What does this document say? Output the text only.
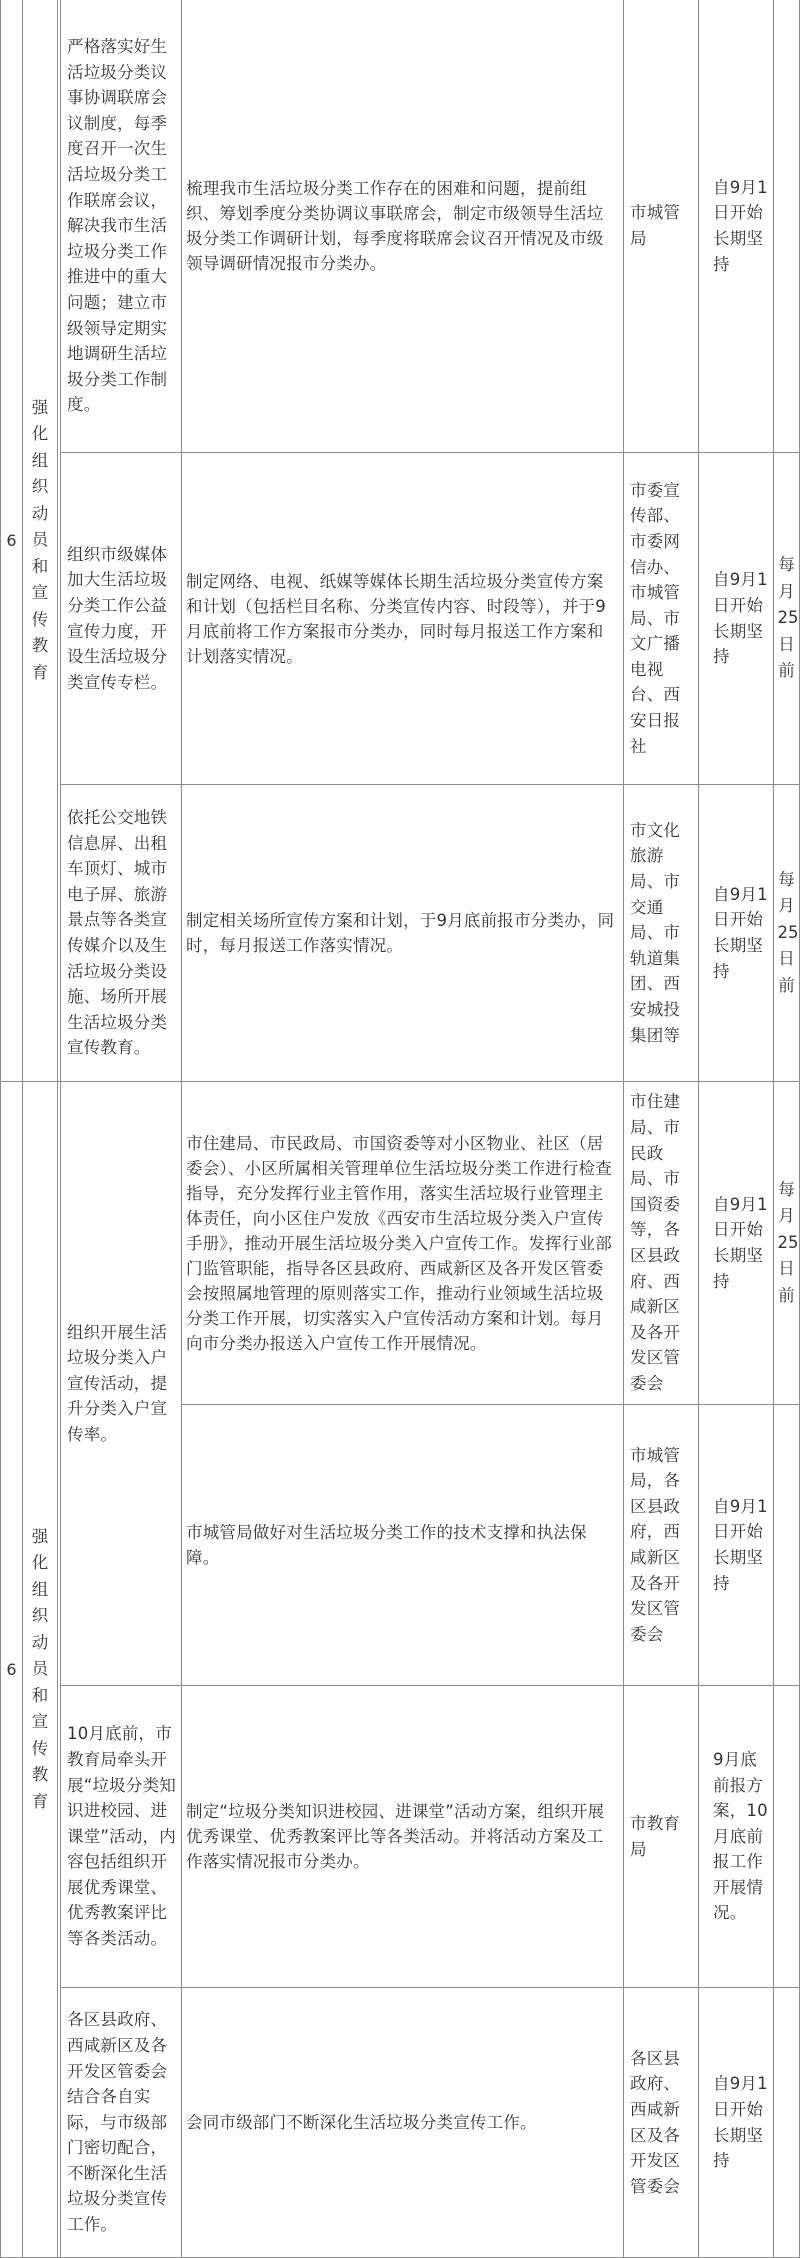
6
强化组织动员和宣传教育
严格落实好生活垃圾分类议事协调联席会议制度，每季度召开一次生活垃圾分类工作联席会议，解决我市生活垃圾分类工作推进中的重大问题；建立市级领导定期实地调研生活垃圾分类工作制度。
梳理我市生活垃圾分类工作存在的困难和问题，提前组织、筹划季度分类协调议事联席会，制定市级领导生活垃圾分类工作调研计划，每季度将联席会议召开情况及市级领导调研情况报市分类办。
市城管局
自9月1日开始长期坚持
组织市级媒体加大生活垃圾分类工作公益宣传力度，开设生活垃圾分类宣传专栏。
制定网络、电视、纸媒等媒体长期生活垃圾分类宣传方案和计划（包括栏目名称、分类宣传内容、时段等），并于9月底前将工作方案报市分类办，同时每月报送工作方案和计划落实情况。
市委宣传部、市委网信办、市城管局、市文广播电视台、西安日报社
自9月1日开始长期坚持
每月25日前
依托公交地铁信息屏、出租车顶灯、城市电子屏、旅游景点等各类宣传媒介以及生活垃圾分类设施、场所开展生活垃圾分类宣传教育。
制定相关场所宣传方案和计划，于9月底前报市分类办，同时，每月报送工作落实情况。
市文化旅游局、市交通局、市轨道集团、西安城投集团等
自9月1日开始长期坚持
每月25日前
6
强化组织动员和宣传教育
组织开展生活垃圾分类入户宣传活动，提升分类入户宣传率。
市住建局、市民政局、市国资委等对小区物业、社区（居委会）、小区所属相关管理单位生活垃圾分类工作进行检查指导，充分发挥行业主管作用，落实生活垃圾行业管理主体责任，向小区住户发放《西安市生活垃圾分类入户宣传手册》，推动开展生活垃圾分类入户宣传工作。发挥行业部门监管职能，指导各区县政府、西咸新区及各开发区管委会按照属地管理的原则落实工作，推动行业领域生活垃圾分类工作开展，切实落实入户宣传活动方案和计划。每月向市分类办报送入户宣传工作开展情况。
市住建局、市民政局、市国资委等，各区县政府、西咸新区及各开发区管委会
自9月1日开始长期坚持
每月25日前
市城管局做好对生活垃圾分类工作的技术支撑和执法保障。
市城管局，各区县政府，西咸新区及各开发区管委会
自9月1日开始长期坚持
10月底前，市教育局牵头开展“垃圾分类知识进校园、进课堂”活动，内容包括组织开展优秀课堂、优秀教案评比等各类活动。
制定“垃圾分类知识进校园、进课堂”活动方案，组织开展优秀课堂、优秀教案评比等各类活动。并将活动方案及工作落实情况报市分类办。
市教育局
9月底前报方案，10月底前报工作开展情况。
各区县政府、西咸新区及各开发区管委会结合各自实际，与市级部门密切配合，不断深化生活垃圾分类宣传工作。
会同市级部门不断深化生活垃圾分类宣传工作。
各区县政府、西咸新区及各开发区管委会
自9月1日开始长期坚持
